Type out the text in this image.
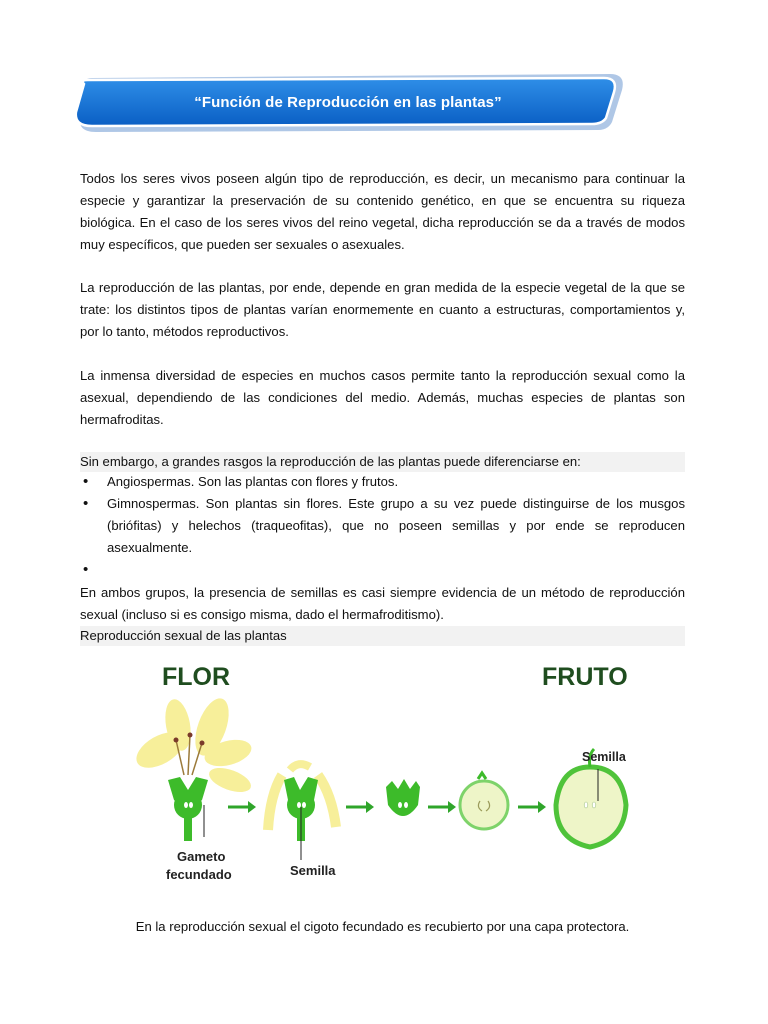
“Función de Reproducción en las plantas”

Todos los seres vivos poseen algún tipo de reproducción, es decir, un mecanismo para continuar la especie y garantizar la preservación de su contenido genético, en que se encuentra su riqueza biológica. En el caso de los seres vivos del reino vegetal, dicha reproducción se da a través de modos muy específicos, que pueden ser sexuales o asexuales.

La reproducción de las plantas, por ende, depende en gran medida de la especie vegetal de la que se trate: los distintos tipos de plantas varían enormemente en cuanto a estructuras, comportamientos y, por lo tanto, métodos reproductivos.

La inmensa diversidad de especies en muchos casos permite tanto la reproducción sexual como la asexual, dependiendo de las condiciones del medio. Además, muchas especies de plantas son hermafroditas.

Sin embargo, a grandes rasgos la reproducción de las plantas puede diferenciarse en:
• Angiospermas. Son las plantas con flores y frutos.
• Gimnospermas. Son plantas sin flores. Este grupo a su vez puede distinguirse de los musgos (briófitas) y helechos (traqueofitas), que no poseen semillas y por ende se reproducen asexualmente.
•

En ambos grupos, la presencia de semillas es casi siempre evidencia de un método de reproducción sexual (incluso si es consigo misma, dado el hermafroditismo).

Reproducción sexual de las plantas
FLOR	FRUTO
Gameto
fecundado	Semilla
Semilla
En la reproducción sexual el cigoto fecundado es recubierto por una capa protectora.
